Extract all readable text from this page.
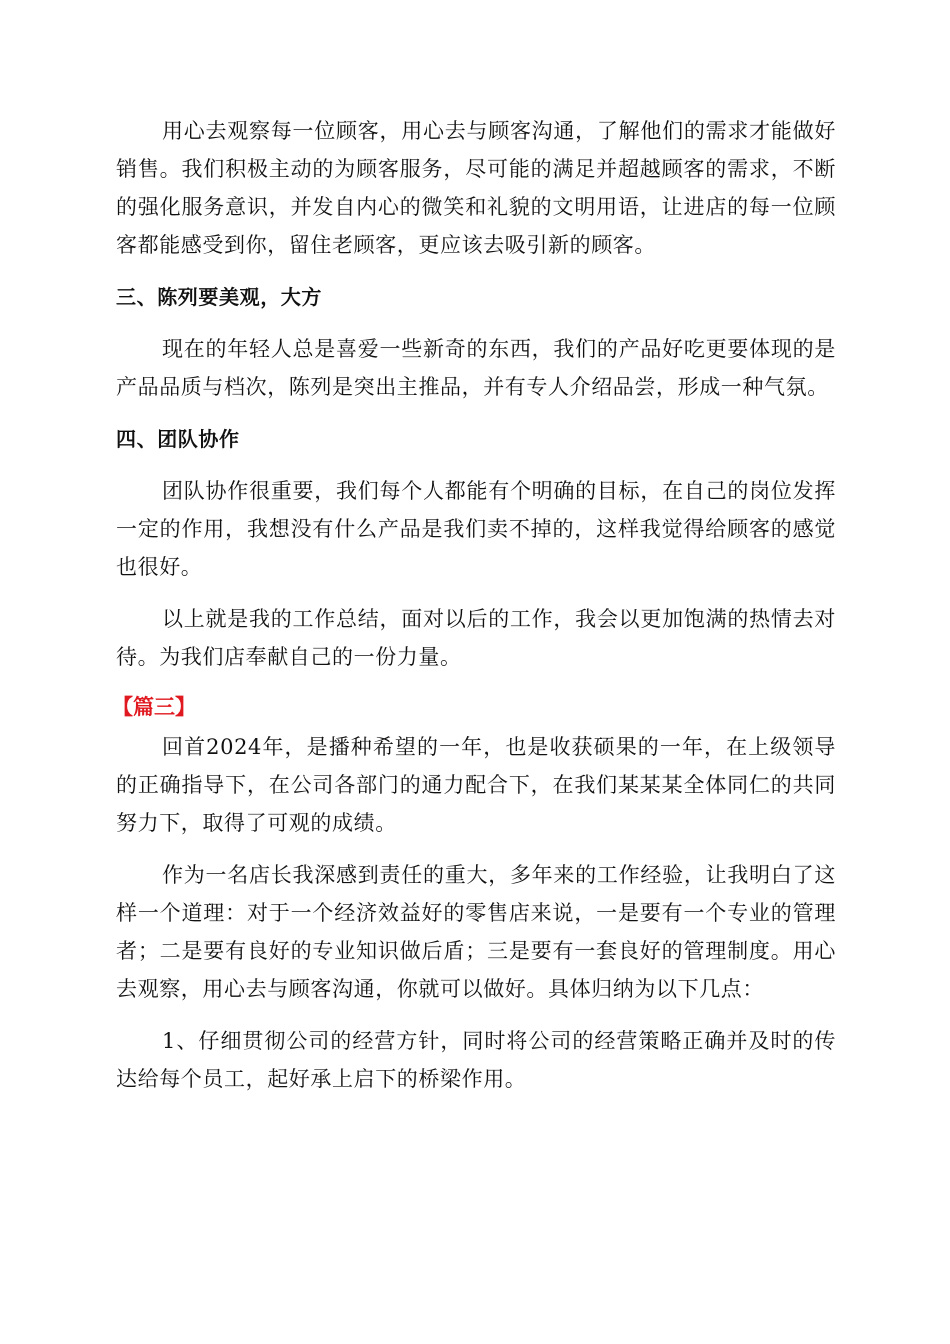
用心去观察每一位顾客，用心去与顾客沟通，了解他们的需求才能做好销售。我们积极主动的为顾客服务，尽可能的满足并超越顾客的需求，不断的强化服务意识，并发自内心的微笑和礼貌的文明用语，让进店的每一位顾客都能感受到你，留住老顾客，更应该去吸引新的顾客。

三、陈列要美观，大方

现在的年轻人总是喜爱一些新奇的东西，我们的产品好吃更要体现的是产品品质与档次，陈列是突出主推品，并有专人介绍品尝，形成一种气氛。

四、团队协作

团队协作很重要，我们每个人都能有个明确的目标，在自己的岗位发挥一定的作用，我想没有什么产品是我们卖不掉的，这样我觉得给顾客的感觉也很好。

以上就是我的工作总结，面对以后的工作，我会以更加饱满的热情去对待。为我们店奉献自己的一份力量。

【篇三】

回首2024年，是播种希望的一年，也是收获硕果的一年，在上级领导的正确指导下，在公司各部门的通力配合下，在我们某某某全体同仁的共同努力下，取得了可观的成绩。

作为一名店长我深感到责任的重大，多年来的工作经验，让我明白了这样一个道理：对于一个经济效益好的零售店来说，一是要有一个专业的管理者；二是要有良好的专业知识做后盾；三是要有一套良好的管理制度。用心去观察，用心去与顾客沟通，你就可以做好。具体归纳为以下几点：

1、仔细贯彻公司的经营方针，同时将公司的经营策略正确并及时的传达给每个员工，起好承上启下的桥梁作用。
